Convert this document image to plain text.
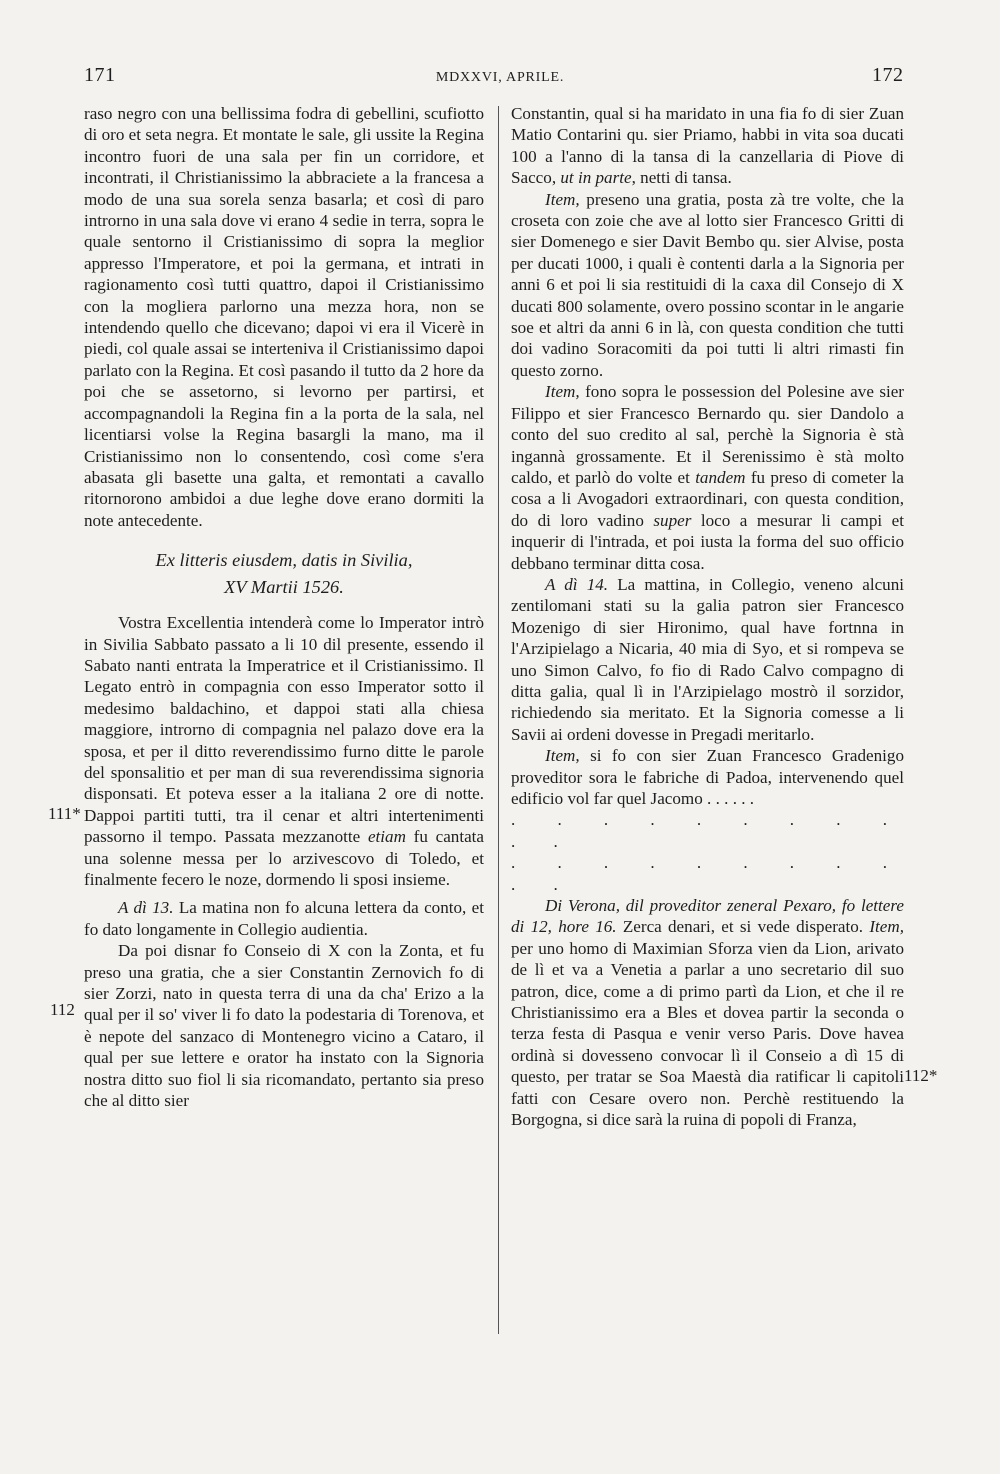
171	MDXXVI, APRILE.	172
111*
112
112*

raso negro con una bellissima fodra di gebellini, scufiotto di oro et seta negra. Et montate le sale, gli ussite la Regina incontro fuori de una sala per fin un corridore, et incontrati, il Christianissimo la abbraciete a la francesa a modo de una sua sorela senza basarla; et così di paro introrno in una sala dove vi erano 4 sedie in terra, sopra le quale sentorno il Cristianissimo di sopra la meglior appresso l'Imperatore, et poi la germana, et intrati in ragionamento così tutti quattro, dapoi il Cristianissimo con la mogliera parlorno una mezza hora, non se intendendo quello che dicevano; dapoi vi era il Vicerè in piedi, col quale assai se interteniva il Cristianissimo dapoi parlato con la Regina. Et così pasando il tutto da 2 hore da poi che se assetorno, si levorno per partirsi, et accompagnandoli la Regina fin a la porta de la sala, nel licentiarsi volse la Regina basargli la mano, ma il Cristianissimo non lo consentendo, così come s'era abasata gli basette una galta, et remontati a cavallo ritornorono ambidoi a due leghe dove erano dormiti la note antecedente.

Ex litteris eiusdem, datis in Sivilia,
XV Martii 1526.

Vostra Excellentia intenderà come lo Imperator intrò in Sivilia Sabbato passato a li 10 dil presente, essendo il Sabato nanti entrata la Imperatrice et il Cristianissimo. Il Legato entrò in compagnia con esso Imperator sotto il medesimo baldachino, et dappoi stati alla chiesa maggiore, introrno di compagnia nel palazo dove era la sposa, et per il ditto reverendissimo furno ditte le parole del sponsalitio et per man di sua reverendissima signoria disponsati. Et poteva esser a la italiana 2 ore di notte. Dappoi partiti tutti, tra il cenar et altri intertenimenti passorno il tempo. Passata mezzanotte etiam fu cantata una solenne messa per lo arzivescovo di Toledo, et finalmente fecero le noze, dormendo li sposi insieme.

A dì 13. La matina non fo alcuna lettera da conto, et fo dato longamente in Collegio audientia.

Da poi disnar fo Conseio di X con la Zonta, et fu preso una gratia, che a sier Constantin Zernovich fo di sier Zorzi, nato in questa terra di una da cha' Erizo a la qual per il so' viver li fo dato la podestaria di Torenova, et è nepote del sanzaco di Montenegro vicino a Cataro, il qual per sue lettere e orator ha instato con la Signoria nostra ditto suo fiol li sia ricomandato, pertanto sia preso che al ditto sier

Constantin, qual si ha maridato in una fia fo di sier Zuan Matio Contarini qu. sier Priamo, habbi in vita soa ducati 100 a l'anno di la tansa di la canzellaria di Piove di Sacco, ut in parte, netti di tansa.

Item, preseno una gratia, posta zà tre volte, che la croseta con zoie che ave al lotto sier Francesco Gritti di sier Domenego e sier Davit Bembo qu. sier Alvise, posta per ducati 1000, i quali è contenti darla a la Signoria per anni 6 et poi li sia restituidi di la caxa dil Consejo di X ducati 800 solamente, overo possino scontar in le angarie soe et altri da anni 6 in là, con questa condition che tutti doi vadino Soracomiti da poi tutti li altri rimasti fin questo zorno.

Item, fono sopra le possession del Polesine ave sier Filippo et sier Francesco Bernardo qu. sier Dandolo a conto del suo credito al sal, perchè la Signoria è stà ingannà grossamente. Et il Serenissimo è stà molto caldo, et parlò do volte et tandem fu preso di cometer la cosa a li Avogadori extraordinari, con questa condition, do di loro vadino super loco a mesurar li campi et inquerir di l'intrada, et poi iusta la forma del suo officio debbano terminar ditta cosa.

A dì 14. La mattina, in Collegio, veneno alcuni zentilomani stati su la galia patron sier Francesco Mozenigo di sier Hironimo, qual have fortnna in l'Arzipielago a Nicaria, 40 mia di Syo, et si rompeva se uno Simon Calvo, fo fio di Rado Calvo compagno di ditta galia, qual lì in l'Arzipielago mostrò il sorzidor, richiedendo sia meritato. Et la Signoria comesse a li Savii ai ordeni dovesse in Pregadi meritarlo.

Item, si fo con sier Zuan Francesco Gradenigo proveditor sora le fabriche di Padoa, intervenendo quel edificio vol far quel Jacomo . . . . . .

. . . . . . . . . . .

. . . . . . . . . . .

Di Verona, dil proveditor zeneral Pexaro, fo lettere di 12, hore 16. Zerca denari, et si vede disperato. Item, per uno homo di Maximian Sforza vien da Lion, arivato de lì et va a Venetia a parlar a uno secretario dil suo patron, dice, come a di primo partì da Lion, et che il re Christianissimo era a Bles et dovea partir la seconda o terza festa di Pasqua e venir verso Paris. Dove havea ordinà si dovesseno convocar lì il Conseio a dì 15 di questo, per tratar se Soa Maestà dia ratificar li capitoli fatti con Cesare overo non. Perchè restituendo la Borgogna, si dice sarà la ruina di popoli di Franza,
